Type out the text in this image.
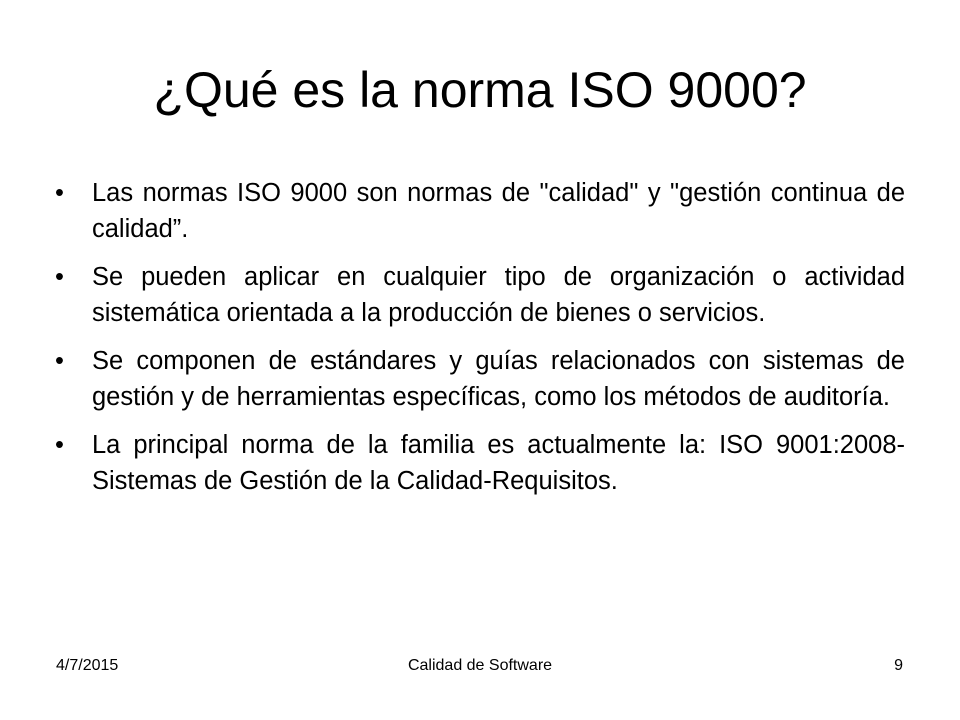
¿Qué es la norma ISO 9000?
• Las normas ISO 9000 son normas de "calidad" y "gestión continua de calidad”.
• Se pueden aplicar en cualquier tipo de organización o actividad sistemática orientada a la producción de bienes o servicios.
• Se componen de estándares y guías relacionados con sistemas de gestión y de herramientas específicas, como los métodos de auditoría.
• La principal norma de la familia es actualmente la: ISO 9001:2008-Sistemas de Gestión de la Calidad-Requisitos.
4/7/2015	Calidad de Software	9
